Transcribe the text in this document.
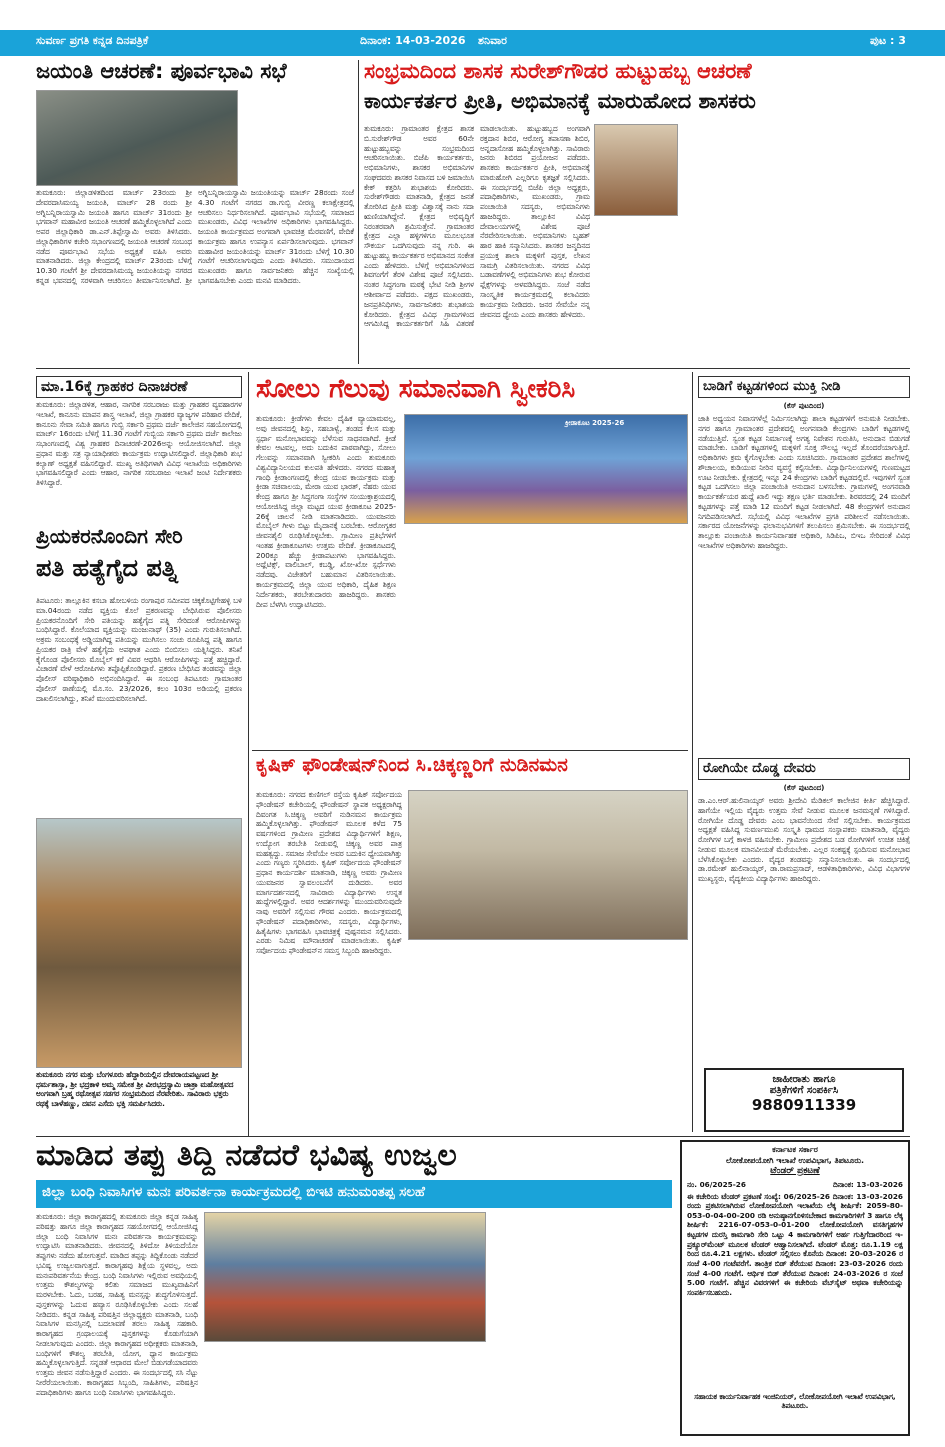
ಸುವರ್ಣ ಪ್ರಗತಿ ಕನ್ನಡ ದಿನಪತ್ರಿಕೆ	ದಿನಾಂಕ: 14-03-2026 ಶನಿವಾರ	ಪುಟ : 3
ಜಯಂತಿ ಆಚರಣೆ: ಪೂರ್ವಭಾವಿ ಸಭೆ
ತುಮಕೂರು: ಜಿಲ್ಲಾಡಳಿತದಿಂದ ಮಾರ್ಚ್ 23ರಂದು ಶ್ರೀ ದೇವರದಾಸಿಮಯ್ಯ ಜಯಂತಿ, ಮಾರ್ಚ್ 28 ರಂದು ಶ್ರೀ ಅಗ್ನಿಬನ್ನಿರಾಯಸ್ವಾಮಿ ಜಯಂತಿ ಹಾಗೂ ಮಾರ್ಚ್ 31ರಂದು ಶ್ರೀ ಭಗವಾನ್ ಮಹಾವೀರ ಜಯಂತಿ ಆಚರಣೆ ಹಮ್ಮಿಕೊಳ್ಳಲಾಗಿದೆ ಎಂದು ಅಪರ ಜಿಲ್ಲಾಧಿಕಾರಿ ಡಾ.ಎನ್.ತಿಪ್ಪೇಸ್ವಾಮಿ ಅವರು ತಿಳಿಸಿದರು. ಜಿಲ್ಲಾಧಿಕಾರಿಗಳ ಕಚೇರಿ ಸಭಾಂಗಣದಲ್ಲಿ ಜಯಂತಿ ಆಚರಣೆ ಸಂಬಂಧ ನಡೆದ ಪೂರ್ವಭಾವಿ ಸಭೆಯ ಅಧ್ಯಕ್ಷತೆ ವಹಿಸಿ ಅವರು ಮಾತನಾಡಿದರು. ಜಿಲ್ಲಾ ಕೇಂದ್ರದಲ್ಲಿ ಮಾರ್ಚ್ 23ರಂದು ಬೆಳಿಗ್ಗೆ 10.30 ಗಂಟೆಗೆ ಶ್ರೀ ದೇವರದಾಸಿಮಯ್ಯ ಜಯಂತಿಯನ್ನು ನಗರದ ಕನ್ನಡ ಭವನದಲ್ಲಿ ಸರಳವಾಗಿ ಆಚರಿಸಲು ತೀರ್ಮಾನಿಸಲಾಗಿದೆ. ಶ್ರೀ ಅಗ್ನಿಬನ್ನಿರಾಯಸ್ವಾಮಿ ಜಯಂತಿಯನ್ನು ಮಾರ್ಚ್ 28ರಂದು ಸಂಜೆ 4.30 ಗಂಟೆಗೆ ನಗರದ ಡಾ.ಗುಬ್ಬಿ ವೀರಣ್ಣ ಕಲಾಕ್ಷೇತ್ರದಲ್ಲಿ ಆಚರಿಸಲು ನಿರ್ಧರಿಸಲಾಗಿದೆ. ಪೂರ್ವಭಾವಿ ಸಭೆಯಲ್ಲಿ ಸಮಾಜದ ಮುಖಂಡರು, ವಿವಿಧ ಇಲಾಖೆಗಳ ಅಧಿಕಾರಿಗಳು ಭಾಗವಹಿಸಿದ್ದರು. ಜಯಂತಿ ಕಾರ್ಯಕ್ರಮದ ಅಂಗವಾಗಿ ಭಾವಚಿತ್ರ ಮೆರವಣಿಗೆ, ವೇದಿಕೆ ಕಾರ್ಯಕ್ರಮ ಹಾಗೂ ಉಪನ್ಯಾಸ ಏರ್ಪಡಿಸಲಾಗುವುದು. ಭಗವಾನ್ ಮಹಾವೀರ ಜಯಂತಿಯನ್ನು ಮಾರ್ಚ್ 31ರಂದು ಬೆಳಿಗ್ಗೆ 10.30 ಗಂಟೆಗೆ ಆಚರಿಸಲಾಗುವುದು ಎಂದು ತಿಳಿಸಿದರು. ಸಮುದಾಯದ ಮುಖಂಡರು ಹಾಗೂ ಸಾರ್ವಜನಿಕರು ಹೆಚ್ಚಿನ ಸಂಖ್ಯೆಯಲ್ಲಿ ಭಾಗವಹಿಸಬೇಕು ಎಂದು ಮನವಿ ಮಾಡಿದರು.
ಸಂಭ್ರಮದಿಂದ ಶಾಸಕ ಸುರೇಶ್‌ಗೌಡರ ಹುಟ್ಟುಹಬ್ಬ ಆಚರಣೆ
ಕಾರ್ಯಕರ್ತರ ಪ್ರೀತಿ, ಅಭಿಮಾನಕ್ಕೆ ಮಾರುಹೋದ ಶಾಸಕರು
ತುಮಕೂರು: ಗ್ರಾಮಾಂತರ ಕ್ಷೇತ್ರದ ಶಾಸಕ ಬಿ.ಸುರೇಶ್‌ಗೌಡ ಅವರ 60ನೇ ಹುಟ್ಟುಹಬ್ಬವನ್ನು ಸಂಭ್ರಮದಿಂದ ಆಚರಿಸಲಾಯಿತು. ಬಿಜೆಪಿ ಕಾರ್ಯಕರ್ತರು, ಅಭಿಮಾನಿಗಳು, ಶಾಸಕರ ಅಭಿಮಾನಿಗಳ ಸಂಘದವರು ಶಾಸಕರ ನಿವಾಸದ ಬಳಿ ಜಮಾಯಿಸಿ ಕೇಕ್ ಕತ್ತರಿಸಿ ಶುಭಾಶಯ ಕೋರಿದರು. ಸುರೇಶ್‌ಗೌಡರು ಮಾತನಾಡಿ, ಕ್ಷೇತ್ರದ ಜನತೆ ತೋರಿಸಿದ ಪ್ರೀತಿ ಮತ್ತು ವಿಶ್ವಾಸಕ್ಕೆ ನಾನು ಸದಾ ಋಣಿಯಾಗಿದ್ದೇನೆ. ಕ್ಷೇತ್ರದ ಅಭಿವೃದ್ಧಿಗೆ ನಿರಂತರವಾಗಿ ಶ್ರಮಿಸುತ್ತೇನೆ. ಗ್ರಾಮಾಂತರ ಕ್ಷೇತ್ರದ ಎಲ್ಲಾ ಹಳ್ಳಿಗಳಿಗೂ ಮೂಲಭೂತ ಸೌಕರ್ಯ ಒದಗಿಸುವುದು ನನ್ನ ಗುರಿ. ಈ ಹುಟ್ಟುಹಬ್ಬ ಕಾರ್ಯಕರ್ತರ ಅಭಿಮಾನದ ಸಂಕೇತ ಎಂದು ಹೇಳಿದರು. ಬೆಳಿಗ್ಗೆ ಅಭಿಮಾನಿಗಳಿಂದ ಶಿವಗಂಗೆಗೆ ತೆರಳಿ ವಿಶೇಷ ಪೂಜೆ ಸಲ್ಲಿಸಿದರು. ನಂತರ ಸಿದ್ಧಗಂಗಾ ಮಠಕ್ಕೆ ಭೇಟಿ ನೀಡಿ ಶ್ರೀಗಳ ಆಶೀರ್ವಾದ ಪಡೆದರು. ಪಕ್ಷದ ಮುಖಂಡರು, ಜನಪ್ರತಿನಿಧಿಗಳು, ಸಾರ್ವಜನಿಕರು ಶುಭಾಶಯ ಕೋರಿದರು. ಕ್ಷೇತ್ರದ ವಿವಿಧ ಗ್ರಾಮಗಳಿಂದ ಆಗಮಿಸಿದ್ದ ಕಾರ್ಯಕರ್ತರಿಗೆ ಸಿಹಿ ವಿತರಣೆ ಮಾಡಲಾಯಿತು. ಹುಟ್ಟುಹಬ್ಬದ ಅಂಗವಾಗಿ ರಕ್ತದಾನ ಶಿಬಿರ, ಆರೋಗ್ಯ ತಪಾಸಣಾ ಶಿಬಿರ, ಅನ್ನದಾಸೋಹ ಹಮ್ಮಿಕೊಳ್ಳಲಾಗಿತ್ತು. ಸಾವಿರಾರು ಜನರು ಶಿಬಿರದ ಪ್ರಯೋಜನ ಪಡೆದರು. ಶಾಸಕರು ಕಾರ್ಯಕರ್ತರ ಪ್ರೀತಿ, ಅಭಿಮಾನಕ್ಕೆ ಮಾರುಹೋಗಿ ಎಲ್ಲರಿಗೂ ಕೃತಜ್ಞತೆ ಸಲ್ಲಿಸಿದರು. ಈ ಸಂದರ್ಭದಲ್ಲಿ ಬಿಜೆಪಿ ಜಿಲ್ಲಾ ಅಧ್ಯಕ್ಷರು, ಪದಾಧಿಕಾರಿಗಳು, ಮುಖಂಡರು, ಗ್ರಾಮ ಪಂಚಾಯಿತಿ ಸದಸ್ಯರು, ಅಭಿಮಾನಿಗಳು ಹಾಜರಿದ್ದರು. ತಾಲ್ಲೂಕಿನ ವಿವಿಧ ದೇವಾಲಯಗಳಲ್ಲಿ ವಿಶೇಷ ಪೂಜೆ ನೆರವೇರಿಸಲಾಯಿತು. ಅಭಿಮಾನಿಗಳು ಬೃಹತ್ ಹಾರ ಹಾಕಿ ಸನ್ಮಾನಿಸಿದರು. ಶಾಸಕರ ಜನ್ಮದಿನದ ಪ್ರಯುಕ್ತ ಶಾಲಾ ಮಕ್ಕಳಿಗೆ ಪುಸ್ತಕ, ಲೇಖನ ಸಾಮಗ್ರಿ ವಿತರಿಸಲಾಯಿತು. ನಗರದ ವಿವಿಧ ಬಡಾವಣೆಗಳಲ್ಲಿ ಅಭಿಮಾನಿಗಳು ಶುಭ ಕೋರುವ ಫ್ಲೆಕ್ಸ್‌ಗಳನ್ನು ಅಳವಡಿಸಿದ್ದರು. ಸಂಜೆ ನಡೆದ ಸಾಂಸ್ಕೃತಿಕ ಕಾರ್ಯಕ್ರಮದಲ್ಲಿ ಕಲಾವಿದರು ಕಾರ್ಯಕ್ರಮ ನೀಡಿದರು. ಜನರ ಸೇವೆಯೇ ನನ್ನ ಜೀವನದ ಧ್ಯೇಯ ಎಂದು ಶಾಸಕರು ಹೇಳಿದರು.
ಮಾ.16ಕ್ಕೆ ಗ್ರಾಹಕರ ದಿನಾಚರಣೆ
ತುಮಕೂರು: ಜಿಲ್ಲಾಡಳಿತ, ಆಹಾರ, ನಾಗರಿಕ ಸರಬರಾಜು ಮತ್ತು ಗ್ರಾಹಕರ ವ್ಯವಹಾರಗಳ ಇಲಾಖೆ, ಕಾನೂನು ಮಾಪನ ಶಾಸ್ತ್ರ ಇಲಾಖೆ, ಜಿಲ್ಲಾ ಗ್ರಾಹಕರ ವ್ಯಾಜ್ಯಗಳ ಪರಿಹಾರ ವೇದಿಕೆ, ಕಾನೂನು ಸೇವಾ ಸಮಿತಿ ಹಾಗೂ ಗುಬ್ಬಿ ಸರ್ಕಾರಿ ಪ್ರಥಮ ದರ್ಜೆ ಕಾಲೇಜಿನ ಸಹಯೋಗದಲ್ಲಿ ಮಾರ್ಚ್ 16ರಂದು ಬೆಳಿಗ್ಗೆ 11.30 ಗಂಟೆಗೆ ಗುಬ್ಬಿಯ ಸರ್ಕಾರಿ ಪ್ರಥಮ ದರ್ಜೆ ಕಾಲೇಜು ಸಭಾಂಗಣದಲ್ಲಿ ವಿಶ್ವ ಗ್ರಾಹಕರ ದಿನಾಚರಣೆ-2026ಅನ್ನು ಆಯೋಜಿಸಲಾಗಿದೆ. ಜಿಲ್ಲಾ ಪ್ರಧಾನ ಮತ್ತು ಸತ್ರ ನ್ಯಾಯಾಧೀಶರು ಕಾರ್ಯಕ್ರಮ ಉದ್ಘಾಟಿಸಲಿದ್ದಾರೆ. ಜಿಲ್ಲಾಧಿಕಾರಿ ಶುಭ ಕಲ್ಯಾಣ್ ಅಧ್ಯಕ್ಷತೆ ವಹಿಸಲಿದ್ದಾರೆ. ಮುಖ್ಯ ಅತಿಥಿಗಳಾಗಿ ವಿವಿಧ ಇಲಾಖೆಯ ಅಧಿಕಾರಿಗಳು ಭಾಗವಹಿಸಲಿದ್ದಾರೆ ಎಂದು ಆಹಾರ, ನಾಗರಿಕ ಸರಬರಾಜು ಇಲಾಖೆ ಜಂಟಿ ನಿರ್ದೇಶಕರು ತಿಳಿಸಿದ್ದಾರೆ.
ಪ್ರಿಯಕರನೊಂದಿಗ ಸೇರಿ
ಪತಿ ಹತ್ಯೆಗೈದ ಪತ್ನಿ
ತಿಪಟೂರು: ತಾಲ್ಲೂಕಿನ ಕಸಬಾ ಹೋಬಳಿಯ ರಂಗಾಪುರ ಸಮೀಪದ ಚಿಕ್ಕಕೊಟ್ಟಿಗೇಹಳ್ಳಿ ಬಳಿ ಮಾ.04ರಂದು ನಡೆದ ವ್ಯಕ್ತಿಯ ಕೊಲೆ ಪ್ರಕರಣವನ್ನು ಬೇಧಿಸಿರುವ ಪೊಲೀಸರು ಪ್ರಿಯಕರನೊಂದಿಗೆ ಸೇರಿ ಪತಿಯನ್ನು ಹತ್ಯೆಗೈದ ಪತ್ನಿ ಸೇರಿದಂತೆ ಆರೋಪಿಗಳನ್ನು ಬಂಧಿಸಿದ್ದಾರೆ. ಕೊಲೆಯಾದ ವ್ಯಕ್ತಿಯನ್ನು ಮಂಜುನಾಥ್ (35) ಎಂದು ಗುರುತಿಸಲಾಗಿದೆ. ಅಕ್ರಮ ಸಂಬಂಧಕ್ಕೆ ಅಡ್ಡಿಯಾಗಿದ್ದ ಪತಿಯನ್ನು ಮುಗಿಸಲು ಸಂಚು ರೂಪಿಸಿದ್ದ ಪತ್ನಿ ಹಾಗೂ ಪ್ರಿಯಕರ ರಾತ್ರಿ ವೇಳೆ ಹತ್ಯೆಗೈದು ಅಪಘಾತ ಎಂದು ಬಿಂಬಿಸಲು ಯತ್ನಿಸಿದ್ದರು. ತನಿಖೆ ಕೈಗೊಂಡ ಪೊಲೀಸರು ಮೊಬೈಲ್ ಕರೆ ವಿವರ ಆಧರಿಸಿ ಆರೋಪಿಗಳನ್ನು ಪತ್ತೆ ಹಚ್ಚಿದ್ದಾರೆ. ವಿಚಾರಣೆ ವೇಳೆ ಆರೋಪಿಗಳು ತಪ್ಪೊಪ್ಪಿಕೊಂಡಿದ್ದಾರೆ. ಪ್ರಕರಣ ಬೇಧಿಸಿದ ತಂಡವನ್ನು ಜಿಲ್ಲಾ ಪೊಲೀಸ್ ವರಿಷ್ಠಾಧಿಕಾರಿ ಅಭಿನಂದಿಸಿದ್ದಾರೆ. ಈ ಸಂಬಂಧ ತಿಪಟೂರು ಗ್ರಾಮಾಂತರ ಪೊಲೀಸ್ ಠಾಣೆಯಲ್ಲಿ ಮೊ.ಸಂ. 23/2026, ಕಲಂ 103ರ ಅಡಿಯಲ್ಲಿ ಪ್ರಕರಣ ದಾಖಲಿಸಲಾಗಿದ್ದು, ತನಿಖೆ ಮುಂದುವರಿಸಲಾಗಿದೆ.
ತುಮಕೂರು ನಗರ ಮತ್ತು ಬೆಂಗಳೂರು ಹೆದ್ದಾರಿಯಲ್ಲಿನ ದೇವರಾಯಪಟ್ಟಣದ ಶ್ರೀ ಧರ್ಮಶಾಸ್ತಾ, ಶ್ರೀ ಭದ್ರಕಾಳಿ ಅಮ್ಮ ಸಮೇತ ಶ್ರೀ ವೀರಭದ್ರಸ್ವಾಮಿ ಜಾತ್ರಾ ಮಹೋತ್ಸವದ ಅಂಗವಾಗಿ ಬ್ರಹ್ಮ ರಥೋತ್ಸವ ಸಡಗರ ಸಂಭ್ರಮದಿಂದ ನೆರವೇರಿತು. ಸಾವಿರಾರು ಭಕ್ತರು ರಥಕ್ಕೆ ಬಾಳೆಹಣ್ಣು, ದವನ ಎಸೆದು ಭಕ್ತಿ ಸಮರ್ಪಿಸಿದರು.
ಸೋಲು ಗೆಲುವು ಸಮಾನವಾಗಿ ಸ್ವೀಕರಿಸಿ
ತುಮಕೂರು: ಕ್ರೀಡೆಗಳು ಕೇವಲ ದೈಹಿಕ ವ್ಯಾಯಾಮವಲ್ಲ, ಅವು ಜೀವನದಲ್ಲಿ ಶಿಸ್ತು, ಸಹಬಾಳ್ವೆ, ತಂಡದ ಕೆಲಸ ಮತ್ತು ಸ್ಪರ್ಧಾ ಮನೋಭಾವವನ್ನು ಬೆಳೆಸುವ ಸಾಧನವಾಗಿದೆ. ಕ್ರೀಡೆ ಕೇವಲ ಆಟವಲ್ಲ, ಅದು ಬದುಕಿನ ಪಾಠವಾಗಿದ್ದು, ಸೋಲು ಗೆಲುವನ್ನು ಸಮಾನವಾಗಿ ಸ್ವೀಕರಿಸಿ ಎಂದು ತುಮಕೂರು ವಿಶ್ವವಿದ್ಯಾನಿಲಯದ ಕುಲಪತಿ ಹೇಳಿದರು. ನಗರದ ಮಹಾತ್ಮ ಗಾಂಧಿ ಕ್ರೀಡಾಂಗಣದಲ್ಲಿ ಕೇಂದ್ರ ಯುವ ಕಾರ್ಯಕ್ರಮ ಮತ್ತು ಕ್ರೀಡಾ ಸಚಿವಾಲಯ, ಮೇರಾ ಯುವ ಭಾರತ್, ನೆಹರು ಯುವ ಕೇಂದ್ರ ಹಾಗೂ ಶ್ರೀ ಸಿದ್ಧಗಂಗಾ ಸಂಸ್ಥೆಗಳ ಸಂಯುಕ್ತಾಶ್ರಯದಲ್ಲಿ ಆಯೋಜಿಸಿದ್ದ ಜಿಲ್ಲಾ ಮಟ್ಟದ ಯುವ ಕ್ರೀಡಾಕೂಟ 2025-26ಕ್ಕೆ ಚಾಲನೆ ನೀಡಿ ಮಾತನಾಡಿದರು. ಯುವಜನರು ಮೊಬೈಲ್ ಗೀಳು ಬಿಟ್ಟು ಮೈದಾನಕ್ಕೆ ಬರಬೇಕು. ಆರೋಗ್ಯಕರ ಜೀವನಶೈಲಿ ರೂಢಿಸಿಕೊಳ್ಳಬೇಕು. ಗ್ರಾಮೀಣ ಪ್ರತಿಭೆಗಳಿಗೆ ಇಂತಹ ಕ್ರೀಡಾಕೂಟಗಳು ಉತ್ತಮ ವೇದಿಕೆ. ಕ್ರೀಡಾಕೂಟದಲ್ಲಿ 200ಕ್ಕೂ ಹೆಚ್ಚು ಕ್ರೀಡಾಪಟುಗಳು ಭಾಗವಹಿಸಿದ್ದರು. ಅಥ್ಲೆಟಿಕ್ಸ್, ವಾಲಿಬಾಲ್, ಕಬಡ್ಡಿ, ಖೋ-ಖೋ ಸ್ಪರ್ಧೆಗಳು ನಡೆದವು. ವಿಜೇತರಿಗೆ ಬಹುಮಾನ ವಿತರಿಸಲಾಯಿತು. ಕಾರ್ಯಕ್ರಮದಲ್ಲಿ ಜಿಲ್ಲಾ ಯುವ ಅಧಿಕಾರಿ, ದೈಹಿಕ ಶಿಕ್ಷಣ ನಿರ್ದೇಶಕರು, ತರಬೇತುದಾರರು ಹಾಜರಿದ್ದರು. ಶಾಸಕರು ದೀಪ ಬೆಳಗಿಸಿ ಉದ್ಘಾಟಿಸಿದರು.
ಕ್ರೀಡಾಕೂಟ 2025-26
ಬಾಡಿಗೆ ಕಟ್ಟಡಗಳಿಂದ ಮುಕ್ತಿ ನೀಡಿ
(ಕೆಸ್‌ ಪುಟದಿಂದ)
ಜಾತಿ ಅಧ್ಯಯನ ನಿವಾಸಗಳೆಲ್ಲೆ ನಿರ್ಮಿಸಲಾಗಿದ್ದು ಶಾಲಾ ಕಟ್ಟಡಗಳಿಗೆ ಅನುಮತಿ ನೀಡಬೇಕು. ನಗರ ಹಾಗೂ ಗ್ರಾಮಾಂತರ ಪ್ರದೇಶದಲ್ಲಿ ಅಂಗನವಾಡಿ ಕೇಂದ್ರಗಳು ಬಾಡಿಗೆ ಕಟ್ಟಡಗಳಲ್ಲಿ ನಡೆಯುತ್ತಿವೆ. ಸ್ವಂತ ಕಟ್ಟಡ ನಿರ್ಮಾಣಕ್ಕೆ ಅಗತ್ಯ ನಿವೇಶನ ಗುರುತಿಸಿ, ಅನುದಾನ ಬಿಡುಗಡೆ ಮಾಡಬೇಕು. ಬಾಡಿಗೆ ಕಟ್ಟಡಗಳಲ್ಲಿ ಮಕ್ಕಳಿಗೆ ಸೂಕ್ತ ಸೌಲಭ್ಯ ಇಲ್ಲದೆ ತೊಂದರೆಯಾಗುತ್ತಿದೆ. ಅಧಿಕಾರಿಗಳು ಕ್ರಮ ಕೈಗೊಳ್ಳಬೇಕು ಎಂದು ಸೂಚಿಸಿದರು. ಗ್ರಾಮಾಂತರ ಪ್ರದೇಶದ ಶಾಲೆಗಳಲ್ಲಿ ಶೌಚಾಲಯ, ಕುಡಿಯುವ ನೀರಿನ ವ್ಯವಸ್ಥೆ ಕಲ್ಪಿಸಬೇಕು. ವಿದ್ಯಾರ್ಥಿನಿಲಯಗಳಲ್ಲಿ ಗುಣಮಟ್ಟದ ಊಟ ನೀಡಬೇಕು. ಕ್ಷೇತ್ರದಲ್ಲಿ ಇನ್ನೂ 24 ಕೇಂದ್ರಗಳು ಬಾಡಿಗೆ ಕಟ್ಟಡದಲ್ಲಿವೆ. ಇವುಗಳಿಗೆ ಸ್ವಂತ ಕಟ್ಟಡ ಒದಗಿಸಲು ಜಿಲ್ಲಾ ಪಂಚಾಯಿತಿ ಅನುದಾನ ಬಳಸಬೇಕು. ಗ್ರಾಮಗಳಲ್ಲಿ ಅಂಗನವಾಡಿ ಕಾರ್ಯಕರ್ತೆಯರ ಹುದ್ದೆ ಖಾಲಿ ಇದ್ದು ತಕ್ಷಣ ಭರ್ತಿ ಮಾಡಬೇಕು. ಶಿರವರದಲ್ಲಿ 24 ಮಂದಿಗೆ ಕಟ್ಟಡಗಳನ್ನು ಪತ್ತೆ ಮಾಡಿ 12 ಮಂದಿಗೆ ಕಟ್ಟಡ ನೀಡಲಾಗಿದೆ. 48 ಕೇಂದ್ರಗಳಿಗೆ ಅನುದಾನ ನಿಗದಿಪಡಿಸಲಾಗಿದೆ. ಸಭೆಯಲ್ಲಿ ವಿವಿಧ ಇಲಾಖೆಗಳ ಪ್ರಗತಿ ಪರಿಶೀಲನೆ ನಡೆಸಲಾಯಿತು. ಸರ್ಕಾರದ ಯೋಜನೆಗಳನ್ನು ಫಲಾನುಭವಿಗಳಿಗೆ ತಲುಪಿಸಲು ಶ್ರಮಿಸಬೇಕು. ಈ ಸಂದರ್ಭದಲ್ಲಿ ತಾಲ್ಲೂಕು ಪಂಚಾಯಿತಿ ಕಾರ್ಯನಿರ್ವಾಹಕ ಅಧಿಕಾರಿ, ಸಿಡಿಪಿಒ, ಬಿಇಒ ಸೇರಿದಂತೆ ವಿವಿಧ ಇಲಾಖೆಗಳ ಅಧಿಕಾರಿಗಳು ಹಾಜರಿದ್ದರು.
ಕೃಷಿಕ್ ಫೌಂಡೇಷನ್‌ನಿಂದ ಸಿ.ಚಿಕ್ಕಣ್ಣರಿಗೆ ನುಡಿನಮನ
ತುಮಕೂರು: ನಗರದ ಕುಣಿಗಲ್ ರಸ್ತೆಯ ಕೃಷಿಕ್ ಸರ್ವೋದಯ ಫೌಂಡೇಷನ್ ಕಚೇರಿಯಲ್ಲಿ ಫೌಂಡೇಷನ್ ಸ್ಥಾಪಕ ಅಧ್ಯಕ್ಷರಾಗಿದ್ದ ದಿವಂಗತ ಸಿ.ಚಿಕ್ಕಣ್ಣ ಅವರಿಗೆ ನುಡಿನಮನ ಕಾರ್ಯಕ್ರಮ ಹಮ್ಮಿಕೊಳ್ಳಲಾಗಿತ್ತು. ಫೌಂಡೇಷನ್ ಮೂಲಕ ಕಳೆದ 75 ವರ್ಷಗಳಿಂದ ಗ್ರಾಮೀಣ ಪ್ರದೇಶದ ವಿದ್ಯಾರ್ಥಿಗಳಿಗೆ ಶಿಕ್ಷಣ, ಉದ್ಯೋಗ ತರಬೇತಿ ನೀಡುವಲ್ಲಿ ಚಿಕ್ಕಣ್ಣ ಅವರ ಪಾತ್ರ ಮಹತ್ವದ್ದು. ಸಮಾಜ ಸೇವೆಯೇ ಅವರ ಬದುಕಿನ ಧ್ಯೇಯವಾಗಿತ್ತು ಎಂದು ಗಣ್ಯರು ಸ್ಮರಿಸಿದರು. ಕೃಷಿಕ್ ಸರ್ವೋದಯ ಫೌಂಡೇಷನ್ ಪ್ರಧಾನ ಕಾರ್ಯದರ್ಶಿ ಮಾತನಾಡಿ, ಚಿಕ್ಕಣ್ಣ ಅವರು ಗ್ರಾಮೀಣ ಯುವಜನರ ಸ್ವಾವಲಂಬನೆಗೆ ದುಡಿದರು. ಅವರ ಮಾರ್ಗದರ್ಶನದಲ್ಲಿ ಸಾವಿರಾರು ವಿದ್ಯಾರ್ಥಿಗಳು ಉನ್ನತ ಹುದ್ದೆಗಳಲ್ಲಿದ್ದಾರೆ. ಅವರ ಆದರ್ಶಗಳನ್ನು ಮುಂದುವರಿಸುವುದೇ ನಾವು ಅವರಿಗೆ ಸಲ್ಲಿಸುವ ಗೌರವ ಎಂದರು. ಕಾರ್ಯಕ್ರಮದಲ್ಲಿ ಫೌಂಡೇಷನ್ ಪದಾಧಿಕಾರಿಗಳು, ಸದಸ್ಯರು, ವಿದ್ಯಾರ್ಥಿಗಳು, ಹಿತೈಷಿಗಳು ಭಾಗವಹಿಸಿ ಭಾವಚಿತ್ರಕ್ಕೆ ಪುಷ್ಪನಮನ ಸಲ್ಲಿಸಿದರು. ಎರಡು ನಿಮಿಷ ಮೌನಾಚರಣೆ ಮಾಡಲಾಯಿತು. ಕೃಷಿಕ್ ಸರ್ವೋದಯ ಫೌಂಡೇಷನ್‌ನ ಸಮಸ್ತ ಸಿಬ್ಬಂದಿ ಹಾಜರಿದ್ದರು.
ರೋಗಿಯೇ ದೊಡ್ಡ ದೇವರು
(ಕೆಸ್‌ ಪುಟದಿಂದ)
ಡಾ.ಎಂ.ಆರ್.ಹುಲಿನಾಯ್ಕರ್ ಅವರು ಶ್ರೀದೇವಿ ಮೆಡಿಕಲ್ ಕಾಲೇಜಿನ ಕೀರ್ತಿ ಹೆಚ್ಚಿಸಿದ್ದಾರೆ. ಹಾಗೆಯೇ ಇಲ್ಲಿಯ ವೈದ್ಯರು ಉತ್ತಮ ಸೇವೆ ನೀಡುವ ಮೂಲಕ ಜನಮನ್ನಣೆ ಗಳಿಸಿದ್ದಾರೆ. ರೋಗಿಯೇ ದೊಡ್ಡ ದೇವರು ಎಂಬ ಭಾವನೆಯಿಂದ ಸೇವೆ ಸಲ್ಲಿಸಬೇಕು. ಕಾರ್ಯಕ್ರಮದ ಅಧ್ಯಕ್ಷತೆ ವಹಿಸಿದ್ದ ಸುವರ್ಣಮುಖಿ ಸಂಸ್ಕೃತಿ ಧಾಮದ ಸಂಸ್ಥಾಪಕರು ಮಾತನಾಡಿ, ವೈದ್ಯರು ರೋಗಿಗಳ ಬಗ್ಗೆ ಕಾಳಜಿ ವಹಿಸಬೇಕು. ಗ್ರಾಮೀಣ ಪ್ರದೇಶದ ಬಡ ರೋಗಿಗಳಿಗೆ ಉಚಿತ ಚಿಕಿತ್ಸೆ ನೀಡುವ ಮೂಲಕ ಮಾನವೀಯತೆ ಮೆರೆಯಬೇಕು. ಎಲ್ಲರ ಸಂಕಷ್ಟಕ್ಕೆ ಸ್ಪಂದಿಸುವ ಮನೋಭಾವ ಬೆಳೆಸಿಕೊಳ್ಳಬೇಕು ಎಂದರು. ವೈದ್ಯರ ತಂಡವನ್ನು ಸನ್ಮಾನಿಸಲಾಯಿತು. ಈ ಸಂದರ್ಭದಲ್ಲಿ ಡಾ.ರಮೇಶ್ ಹುಲಿನಾಯ್ಕರ್, ಡಾ.ರಾಮಪ್ರಸಾದ್, ಆಡಳಿತಾಧಿಕಾರಿಗಳು, ವಿವಿಧ ವಿಭಾಗಗಳ ಮುಖ್ಯಸ್ಥರು, ವೈದ್ಯಕೀಯ ವಿದ್ಯಾರ್ಥಿಗಳು ಹಾಜರಿದ್ದರು.
ಜಾಹೀರಾತು ಹಾಗೂ
ಪತ್ರಿಕೆಗಳಿಗೆ ಸಂಪರ್ಕಿಸಿ
9880911339
ಮಾಡಿದ ತಪ್ಪು ತಿದ್ದಿ ನಡೆದರೆ ಭವಿಷ್ಯ ಉಜ್ವಲ
ಜಿಲ್ಲಾ ಬಂಧಿ ನಿವಾಸಿಗಳ ಮನಃ ಪರಿವರ್ತನಾ ಕಾರ್ಯಕ್ರಮದಲ್ಲಿ ಬಿಇಟಿ ಹನುಮಂತಪ್ಪ ಸಲಹೆ
ತುಮಕೂರು: ಜಿಲ್ಲಾ ಕಾರಾಗೃಹದಲ್ಲಿ ತುಮಕೂರು ಜಿಲ್ಲಾ ಕನ್ನಡ ಸಾಹಿತ್ಯ ಪರಿಷತ್ತು ಹಾಗೂ ಜಿಲ್ಲಾ ಕಾರಾಗೃಹದ ಸಹಯೋಗದಲ್ಲಿ ಆಯೋಜಿಸಿದ್ದ ಜಿಲ್ಲಾ ಬಂಧಿ ನಿವಾಸಿಗಳ ಮನಃ ಪರಿವರ್ತನಾ ಕಾರ್ಯಕ್ರಮವನ್ನು ಉದ್ಘಾಟಿಸಿ ಮಾತನಾಡಿದರು. ಜೀವನದಲ್ಲಿ ತಿಳಿದೋ ತಿಳಿಯದೆಯೋ ತಪ್ಪುಗಳು ನಡೆದು ಹೋಗುತ್ತವೆ. ಮಾಡಿದ ತಪ್ಪನ್ನು ತಿದ್ದಿಕೊಂಡು ನಡೆದರೆ ಭವಿಷ್ಯ ಉಜ್ವಲವಾಗುತ್ತದೆ. ಕಾರಾಗೃಹವು ಶಿಕ್ಷೆಯ ಸ್ಥಳವಲ್ಲ, ಅದು ಮನಃಪರಿವರ್ತನೆಯ ಕೇಂದ್ರ. ಬಂಧಿ ನಿವಾಸಿಗಳು ಇಲ್ಲಿರುವ ಅವಧಿಯಲ್ಲಿ ಉತ್ತಮ ಕೌಶಲ್ಯಗಳನ್ನು ಕಲಿತು ಸಮಾಜದ ಮುಖ್ಯವಾಹಿನಿಗೆ ಮರಳಬೇಕು. ಓದು, ಬರಹ, ಸಾಹಿತ್ಯ ಮನಸ್ಸನ್ನು ಶುದ್ಧಗೊಳಿಸುತ್ತದೆ. ಪುಸ್ತಕಗಳನ್ನು ಓದುವ ಹವ್ಯಾಸ ರೂಢಿಸಿಕೊಳ್ಳಬೇಕು ಎಂದು ಸಲಹೆ ನೀಡಿದರು. ಕನ್ನಡ ಸಾಹಿತ್ಯ ಪರಿಷತ್ತಿನ ಜಿಲ್ಲಾಧ್ಯಕ್ಷರು ಮಾತನಾಡಿ, ಬಂಧಿ ನಿವಾಸಿಗಳ ಮನಸ್ಸಿನಲ್ಲಿ ಬದಲಾವಣೆ ತರಲು ಸಾಹಿತ್ಯ ಸಹಕಾರಿ. ಕಾರಾಗೃಹದ ಗ್ರಂಥಾಲಯಕ್ಕೆ ಪುಸ್ತಕಗಳನ್ನು ಕೊಡುಗೆಯಾಗಿ ನೀಡಲಾಗುವುದು ಎಂದರು. ಜಿಲ್ಲಾ ಕಾರಾಗೃಹದ ಅಧೀಕ್ಷಕರು ಮಾತನಾಡಿ, ಬಂಧಿಗಳಿಗೆ ಕೌಶಲ್ಯ ತರಬೇತಿ, ಯೋಗ, ಧ್ಯಾನ ಕಾರ್ಯಕ್ರಮ ಹಮ್ಮಿಕೊಳ್ಳಲಾಗುತ್ತಿದೆ. ಸನ್ನಡತೆ ಆಧಾರದ ಮೇಲೆ ಬಿಡುಗಡೆಯಾದವರು ಉತ್ತಮ ಜೀವನ ನಡೆಸುತ್ತಿದ್ದಾರೆ ಎಂದರು. ಈ ಸಂದರ್ಭದಲ್ಲಿ ಸಸಿ ನೆಟ್ಟು ನೀರೆರೆಯಲಾಯಿತು. ಕಾರಾಗೃಹದ ಸಿಬ್ಬಂದಿ, ಸಾಹಿತಿಗಳು, ಪರಿಷತ್ತಿನ ಪದಾಧಿಕಾರಿಗಳು ಹಾಗೂ ಬಂಧಿ ನಿವಾಸಿಗಳು ಭಾಗವಹಿಸಿದ್ದರು.
ಕರ್ನಾಟಕ ಸರ್ಕಾರ
ಲೋಕೋಪಯೋಗಿ ಇಲಾಖೆ ಉಪವಿಭಾಗ, ತಿಪಟೂರು.
ಟೆಂಡರ್ ಪ್ರಕಟಣೆ
ನಂ. 06/2025-26	ದಿನಾಂಕ: 13-03-2026
ಈ ಕಚೇರಿಯ ಟೆಂಡರ್ ಪ್ರಕಟಣೆ ಸಂಖ್ಯೆ: 06/2025-26 ದಿನಾಂಕ: 13-03-2026 ರಂದು ಪ್ರಕಟಿಸಲಾಗಿರುವ ಲೋಕೋಪಯೋಗಿ ಇಲಾಖೆಯ ಲೆಕ್ಕ ಶೀರ್ಷಿಕೆ: 2059-80-053-0-04-00-200 ರಡಿ ಅನುಷ್ಠಾನಗೊಳಿಸಬೇಕಾದ ಕಾಮಗಾರಿಗಳಿಗೆ 3 ಹಾಗೂ ಲೆಕ್ಕ ಶೀರ್ಷಿಕೆ: 2216-07-053-0-01-200 ಲೋಕೋಪಯೋಗಿ ವಸತಿಗೃಹಗಳ ಕಟ್ಟಡಗಳ ದುರಸ್ತಿ ಕಾಮಗಾರಿ ಸೇರಿ ಒಟ್ಟು 4 ಕಾಮಗಾರಿಗಳಿಗೆ ಅರ್ಹ ಗುತ್ತಿಗೆದಾರರಿಂದ ಇ-ಪ್ರಕ್ಯೂರ್‌ಮೆಂಟ್ ಮೂಲಕ ಟೆಂಡರ್ ಆಹ್ವಾನಿಸಲಾಗಿದೆ. ಟೆಂಡರ್ ಮೊತ್ತ: ರೂ.1.19 ಲಕ್ಷ ರಿಂದ ರೂ.4.21 ಲಕ್ಷಗಳು. ಟೆಂಡರ್ ಸಲ್ಲಿಸಲು ಕೊನೆಯ ದಿನಾಂಕ: 20-03-2026 ರ ಸಂಜೆ 4-00 ಗಂಟೆವರೆಗೆ. ತಾಂತ್ರಿಕ ಬಿಡ್ ತೆರೆಯುವ ದಿನಾಂಕ: 23-03-2026 ರಂದು ಸಂಜೆ 4-00 ಗಂಟೆಗೆ. ಆರ್ಥಿಕ ಬಿಡ್ ತೆರೆಯುವ ದಿನಾಂಕ: 24-03-2026 ರ ಸಂಜೆ 5.00 ಗಂಟೆಗೆ. ಹೆಚ್ಚಿನ ವಿವರಗಳಿಗೆ ಈ ಕಚೇರಿಯ ವೆಬ್‌ಸೈಟ್ ಅಥವಾ ಕಚೇರಿಯನ್ನು ಸಂಪರ್ಕಿಸಬಹುದು.
ಸಹಾಯಕ ಕಾರ್ಯನಿರ್ವಾಹಕ ಇಂಜಿನಿಯರ್, ಲೋಕೋಪಯೋಗಿ ಇಲಾಖೆ ಉಪವಿಭಾಗ, ತಿಪಟೂರು.
